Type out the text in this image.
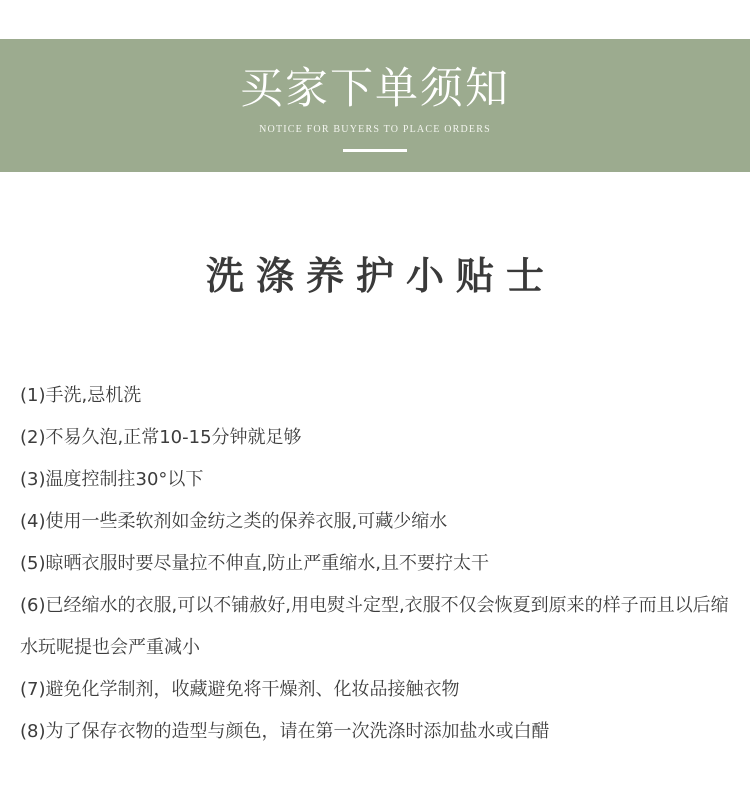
买家下单须知
NOTICE FOR BUYERS TO PLACE ORDERS
洗涤养护小贴士
(1)手洗,忌机洗
(2)不易久泡,正常10-15分钟就足够
(3)温度控制拄30°以下
(4)使用一些柔软剂如金纺之类的保养衣服,可藏少缩水
(5)晾晒衣服时要尽量拉不伸直,防止严重缩水,且不要拧太干
(6)已经缩水的衣服,可以不铺赦好,用电熨斗定型,衣服不仅会恢夏到原来的样子而且以后缩水玩呢提也会严重减小
(7)避免化学制剂，收藏避免将干燥剂、化妆品接触衣物
(8)为了保存衣物的造型与颜色，请在第一次洗涤时添加盐水或白醋
